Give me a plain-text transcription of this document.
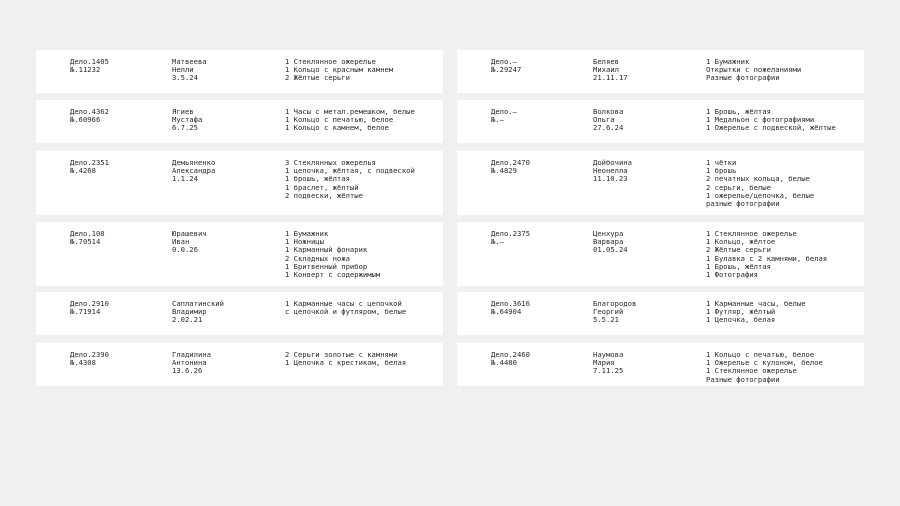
Дело.1405
№.11232
Матвеева
Нелли
3.5.24
1 Стеклянное ожерелье
1 Кольцо с красным камнем
2 Жёлтые серьги
Дело.–
№.29247
Беляев
Михаил
21.11.17
1 Бумажник
Открытки с пожеланиями
Разные фотографии
Дело.4362
№.60966
Ягиев
Мустафа
6.7.25
1 Часы с метал.ремешком, белые
1 Кольцо с печатью, белое
1 Кольцо с камнем, белое
Дело.–
№.–
Волкова
Ольга
27.6.24
1 Брошь, жёлтая
1 Медальон с фотографиями
1 Ожерелье с подвеской, жёлтые
Дело.2351
№.4268
Демьяненко
Александра
1.1.24
3 Стеклянных ожерелья
1 цепочка, жёлтая, с подвеской
1 брошь, жёлтая
1 браслет, жёлтый
2 подвески, жёлтые
Дело.2470
№.4829
Дойбочина
Неонелла
11.10.23
1 чётки
1 брошь
2 печатных кольца, белые
2 серьги, белые
1 ожерелье/цепочка, белые
разные фотографии
Дело.108
№.70514
Юрашевич
Иван
0.0.26
1 Бумажник
1 Ножницы
1 Карманный фонарик
2 Складных ножа
1 Бритвенный прибор
1 Конверт с содержимым
Дело.2375
№.–
Ценхура
Варвара
01.05.24
1 Стеклянное ожерелье
1 Кольцо, жёлтое
2 Жёлтые серьги
1 Булавка с 2 камнями, белая
1 Брошь, жёлтая
1 Фотография
Дело.2910
№.71914
Саплатинский
Владимир
2.02.21
1 Карманные часы с цепочкой
с цепочкой и футляром, белые
Дело.3616
№.64904
Благородов
Георгий
5.5.21
1 Карманные часы, белые
1 Футляр, жёлтый
1 Цепочка, белая
Дело.2390
№.4308
Гладилина
Антонина
13.6.26
2 Серьги золотые с камнями
1 Цепочка с крестиком, белая
Дело.2460
№.4480
Наумова
Мария
7.11.25
1 Кольцо с печатью, белое
1 Ожерелье с кулоном, белое
1 Стеклянное ожерелье
Разные фотографии
